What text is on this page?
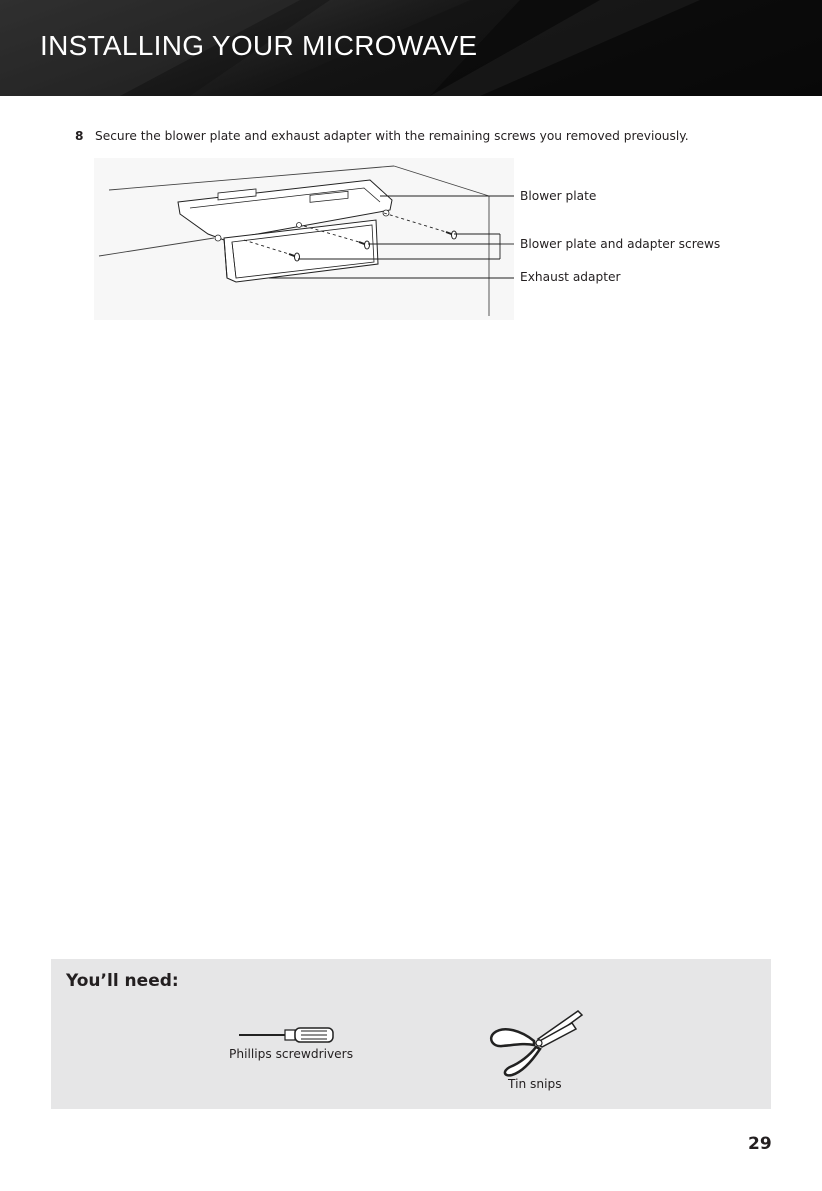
INSTALLING YOUR MICROWAVE
8 Secure the blower plate and exhaust adapter with the remaining screws you removed previously.
Blower plate
Blower plate and adapter screws
Exhaust adapter
You’ll need:
Phillips screwdrivers
Tin snips
29
